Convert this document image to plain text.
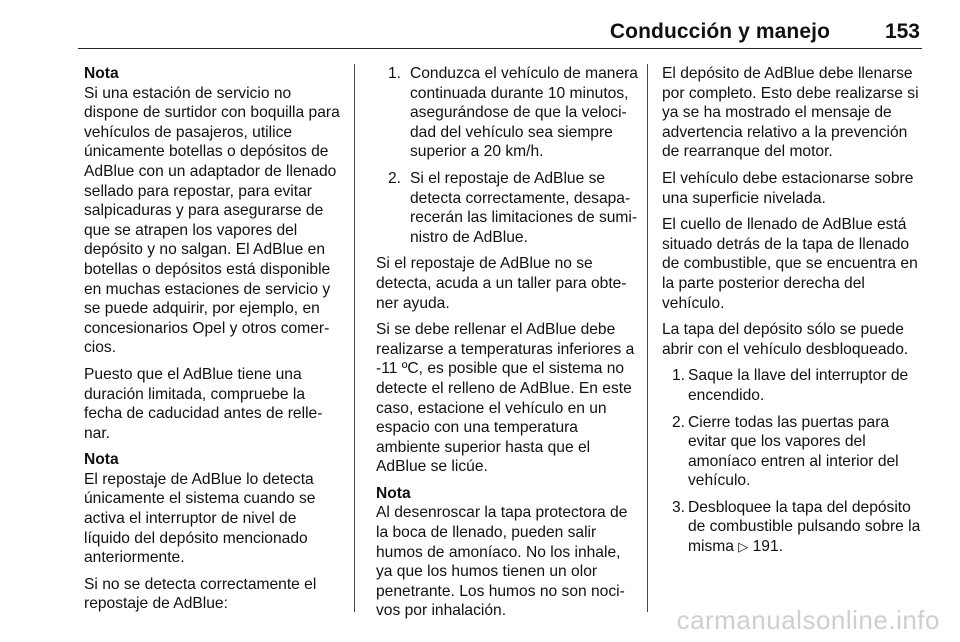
Conducción y manejo	153

Nota

Si una estación de servicio no dispone de surtidor con boquilla para vehículos de pasajeros, utilice únicamente botellas o depósitos de AdBlue con un adaptador de llenado sellado para repostar, para evitar salpicaduras y para asegurarse de que se atrapen los vapores del depósito y no salgan. El AdBlue en botellas o depósitos está disponible en muchas estaciones de servicio y se puede adquirir, por ejemplo, en concesionarios Opel y otros comer-cios.

Puesto que el AdBlue tiene una duración limitada, compruebe la fecha de caducidad antes de relle-nar.

Nota

El repostaje de AdBlue lo detecta únicamente el sistema cuando se activa el interruptor de nivel de líquido del depósito mencionado anteriormente.

Si no se detecta correctamente el repostaje de AdBlue:

1. Conduzca el vehículo de manera continuada durante 10 minutos, asegurándose de que la veloci-dad del vehículo sea siempre superior a 20 km/h.
2. Si el repostaje de AdBlue se detecta correctamente, desapa-recerán las limitaciones de sumi-nistro de AdBlue.

Si el repostaje de AdBlue no se detecta, acuda a un taller para obte-ner ayuda.

Si se debe rellenar el AdBlue debe realizarse a temperaturas inferiores a -11 ºC, es posible que el sistema no detecte el relleno de AdBlue. En este caso, estacione el vehículo en un espacio con una temperatura ambiente superior hasta que el AdBlue se licúe.

Nota

Al desenroscar la tapa protectora de la boca de llenado, pueden salir humos de amoníaco. No los inhale, ya que los humos tienen un olor penetrante. Los humos no son noci-vos por inhalación.

El depósito de AdBlue debe llenarse por completo. Esto debe realizarse si ya se ha mostrado el mensaje de advertencia relativo a la prevención de rearranque del motor.

El vehículo debe estacionarse sobre una superficie nivelada.

El cuello de llenado de AdBlue está situado detrás de la tapa de llenado de combustible, que se encuentra en la parte posterior derecha del vehículo.

La tapa del depósito sólo se puede abrir con el vehículo desbloqueado.

1. Saque la llave del interruptor de encendido.
2. Cierre todas las puertas para evitar que los vapores del amoníaco entren al interior del vehículo.
3. Desbloquee la tapa del depósito de combustible pulsando sobre la misma ▷ 191.
carmanualsonline.info
